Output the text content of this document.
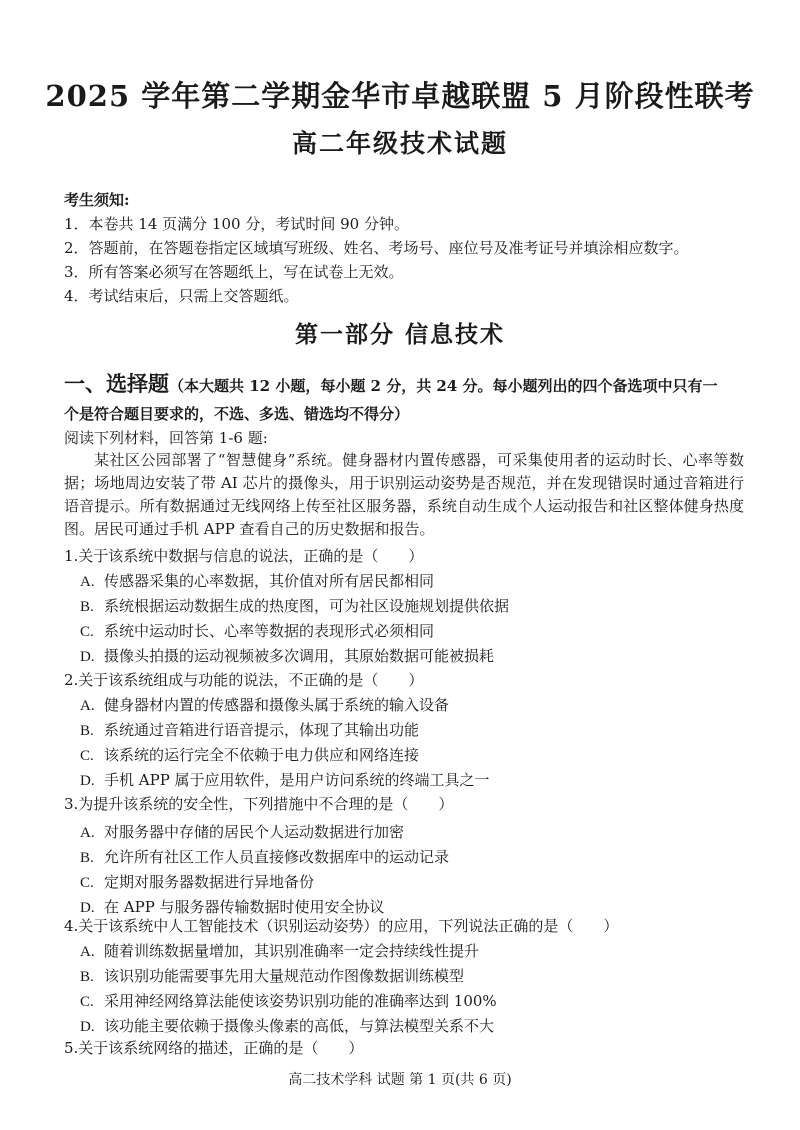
2025 学年第二学期金华市卓越联盟 5 月阶段性联考
高二年级技术试题
考生须知:
1．本卷共 14 页满分 100 分，考试时间 90 分钟。
2．答题前，在答题卷指定区域填写班级、姓名、考场号、座位号及准考证号并填涂相应数字。
3．所有答案必须写在答题纸上，写在试卷上无效。
4．考试结束后，只需上交答题纸。
第一部分 信息技术
一、选择题（本大题共 12 小题，每小题 2 分，共 24 分。每小题列出的四个备选项中只有一
个是符合题目要求的，不选、多选、错选均不得分）
阅读下列材料，回答第 1-6 题:
某社区公园部署了“智慧健身”系统。健身器材内置传感器，可采集使用者的运动时长、心率等数据；场地周边安装了带 AI 芯片的摄像头，用于识别运动姿势是否规范，并在发现错误时通过音箱进行语音提示。所有数据通过无线网络上传至社区服务器，系统自动生成个人运动报告和社区整体健身热度图。居民可通过手机 APP 查看自己的历史数据和报告。
1.关于该系统中数据与信息的说法，正确的是（　　）
A. 传感器采集的心率数据，其价值对所有居民都相同
B. 系统根据运动数据生成的热度图，可为社区设施规划提供依据
C. 系统中运动时长、心率等数据的表现形式必须相同
D. 摄像头拍摄的运动视频被多次调用，其原始数据可能被损耗
2.关于该系统组成与功能的说法，不正确的是（　　）
A. 健身器材内置的传感器和摄像头属于系统的输入设备
B. 系统通过音箱进行语音提示，体现了其输出功能
C. 该系统的运行完全不依赖于电力供应和网络连接
D. 手机 APP 属于应用软件，是用户访问系统的终端工具之一
3.为提升该系统的安全性，下列措施中不合理的是（　　）
A. 对服务器中存储的居民个人运动数据进行加密
B. 允许所有社区工作人员直接修改数据库中的运动记录
C. 定期对服务器数据进行异地备份
D. 在 APP 与服务器传输数据时使用安全协议
4.关于该系统中人工智能技术（识别运动姿势）的应用，下列说法正确的是（　　）
A. 随着训练数据量增加，其识别准确率一定会持续线性提升
B. 该识别功能需要事先用大量规范动作图像数据训练模型
C. 采用神经网络算法能使该姿势识别功能的准确率达到 100%
D. 该功能主要依赖于摄像头像素的高低，与算法模型关系不大
5.关于该系统网络的描述，正确的是（　　）
高二技术学科 试题 第 1 页(共 6 页)
